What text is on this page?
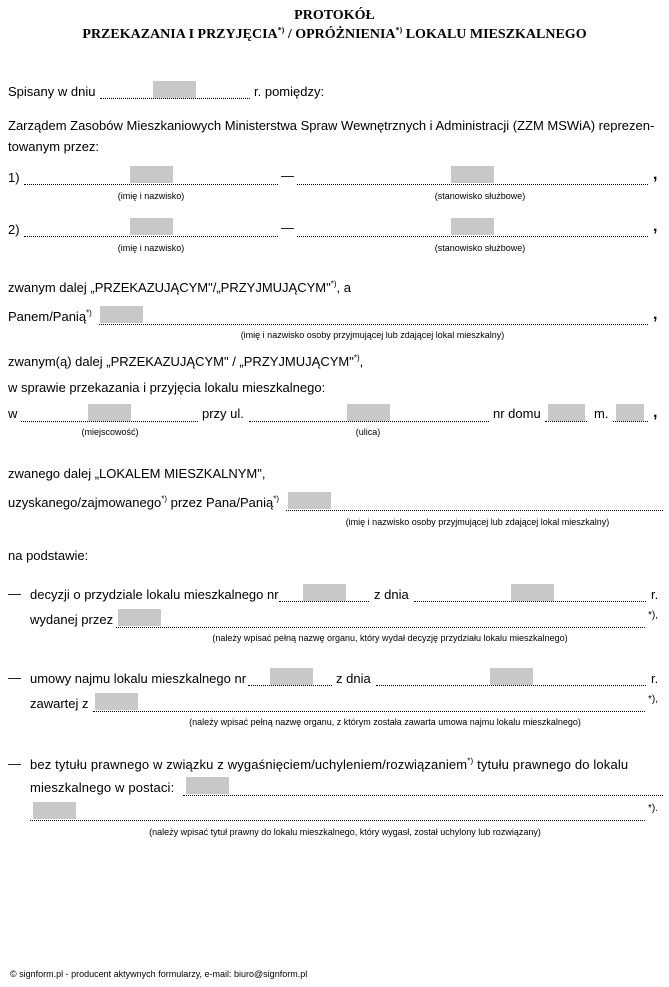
PROTOKÓŁ
PRZEKAZANIA I PRZYJĘCIA*) / OPRÓŻNIENIA*) LOKALU MIESZKALNEGO
Spisany w dniu	r. pomiędzy:
Zarządem Zasobów Mieszkaniowych Ministerstwa Spraw Wewnętrznych i Administracji (ZZM MSWiA) reprezen-
towanym przez:
1)	—	,
(imię i nazwisko)	(stanowisko służbowe)
2)	—	,
(imię i nazwisko)	(stanowisko służbowe)
zwanym dalej „PRZEKAZUJĄCYM"/„PRZYJMUJĄCYM"*), a
Panem/Panią*)	,
(imię i nazwisko osoby przyjmującej lub zdającej lokal mieszkalny)
zwanym(ą) dalej „PRZEKAZUJĄCYM" / „PRZYJMUJĄCYM"*),
w sprawie przekazania i przyjęcia lokalu mieszkalnego:
w	przy ul.	nr domu	m.	,
(miejscowość)	(ulica)
zwanego dalej „LOKALEM MIESZKALNYM",
uzyskanego/zajmowanego*) przez Pana/Panią*)
(imię i nazwisko osoby przyjmującej lub zdającej lokal mieszkalny)
na podstawie:
— decyzji o przydziale lokalu mieszkalnego nr	z dnia	r.
wydanej przez	*),
(należy wpisać pełną nazwę organu, który wydał decyzję przydziału lokalu mieszkalnego)
— umowy najmu lokalu mieszkalnego nr	z dnia	r.
zawartej z	*),
(należy wpisać pełną nazwę organu, z którym została zawarta umowa najmu lokalu mieszkalnego)
— bez tytułu prawnego w związku z wygaśnięciem/uchyleniem/rozwiązaniem*) tytułu prawnego do lokalu
mieszkalnego w postaci:
*).
(należy wpisać tytuł prawny do lokalu mieszkalnego, który wygasł, został uchylony lub rozwiązany)
© signform.pl - producent aktywnych formularzy, e-mail: biuro@signform.pl
